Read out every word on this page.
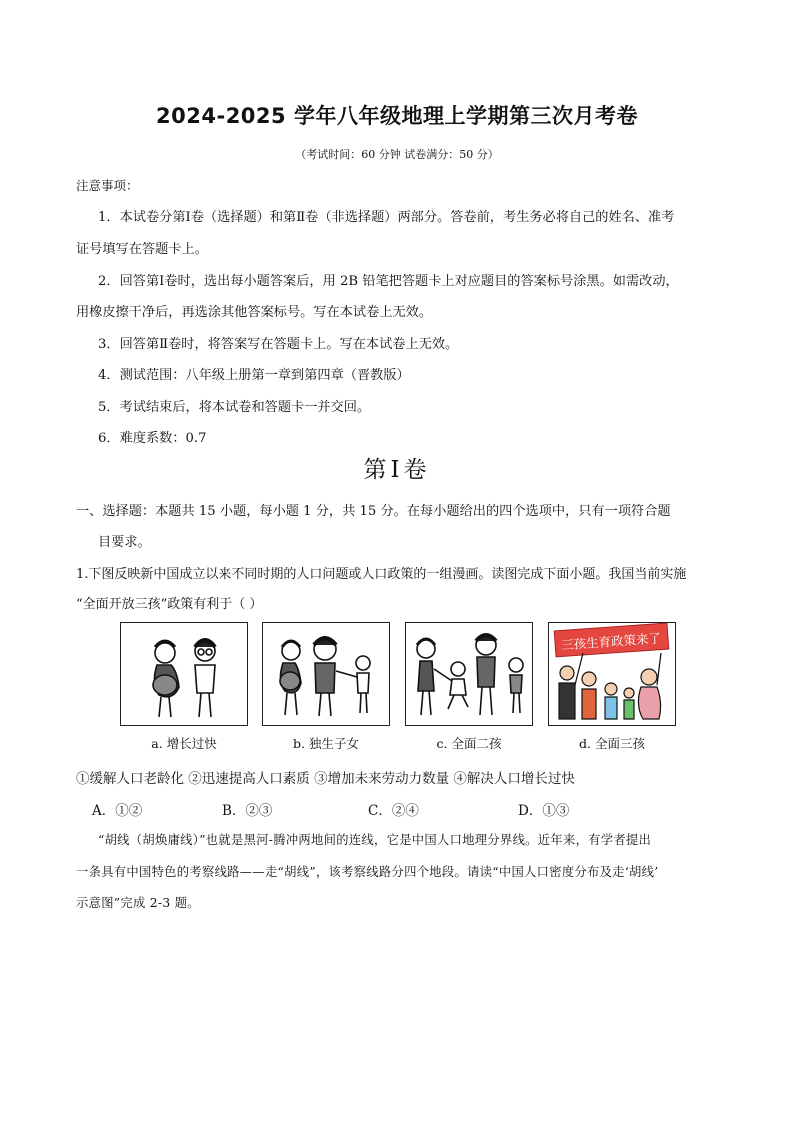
2024-2025 学年八年级地理上学期第三次月考卷
（考试时间：60 分钟 试卷满分：50 分）
注意事项：
1．本试卷分第Ⅰ卷（选择题）和第Ⅱ卷（非选择题）两部分。答卷前，考生务必将自己的姓名、准考
证号填写在答题卡上。
2．回答第Ⅰ卷时，选出每小题答案后，用 2B 铅笔把答题卡上对应题目的答案标号涂黑。如需改动，
用橡皮擦干净后，再选涂其他答案标号。写在本试卷上无效。
3．回答第Ⅱ卷时，将答案写在答题卡上。写在本试卷上无效。
4．测试范围：八年级上册第一章到第四章（晋教版）
5．考试结束后，将本试卷和答题卡一并交回。
6．难度系数：0.7
第Ⅰ卷
一、选择题：本题共 15 小题，每小题 1 分，共 15 分。在每小题给出的四个选项中，只有一项符合题
目要求。
1.下图反映新中国成立以来不同时期的人口问题或人口政策的一组漫画。读图完成下面小题。我国当前实施
“全面开放三孩”政策有利于（ ）
三孩生育政策来了
a. 增长过快	b. 独生子女	c. 全面二孩	d. 全面三孩
①缓解人口老龄化 ②迅速提高人口素质 ③增加未来劳动力数量 ④解决人口增长过快
A．①②	B．②③	C．②④	D．①③
“胡线（胡焕庸线）”也就是黑河-腾冲两地间的连线，它是中国人口地理分界线。近年来，有学者提出
一条具有中国特色的考察线路——走“胡线”，该考察线路分四个地段。请读“中国人口密度分布及走‘胡线’
示意图”完成 2-3 题。
